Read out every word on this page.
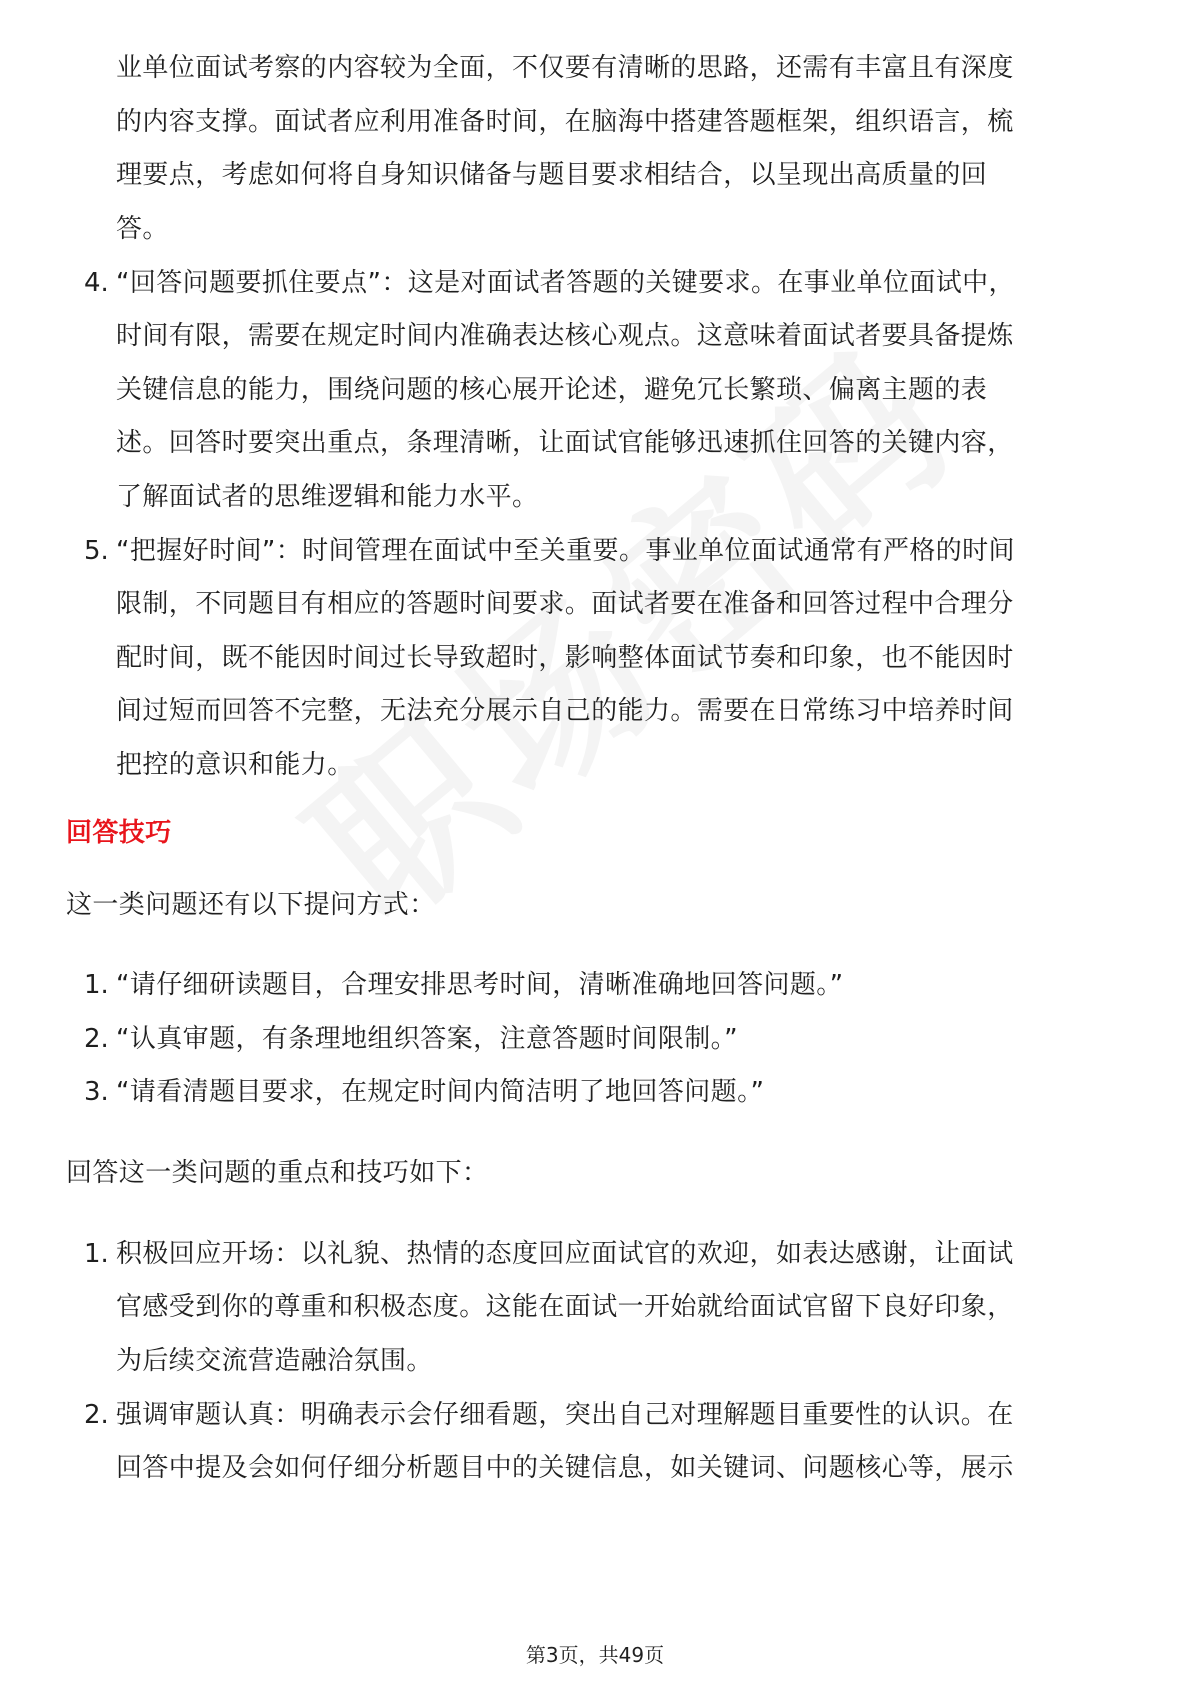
业单位面试考察的内容较为全面，不仅要有清晰的思路，还需有丰富且有深度
的内容支撑。面试者应利用准备时间，在脑海中搭建答题框架，组织语言，梳
理要点，考虑如何将自身知识储备与题目要求相结合，以呈现出高质量的回
答。
4. “回答问题要抓住要点”：这是对面试者答题的关键要求。在事业单位面试中，
时间有限，需要在规定时间内准确表达核心观点。这意味着面试者要具备提炼
关键信息的能力，围绕问题的核心展开论述，避免冗长繁琐、偏离主题的表
述。回答时要突出重点，条理清晰，让面试官能够迅速抓住回答的关键内容，
了解面试者的思维逻辑和能力水平。
5. “把握好时间”：时间管理在面试中至关重要。事业单位面试通常有严格的时间
限制，不同题目有相应的答题时间要求。面试者要在准备和回答过程中合理分
配时间，既不能因时间过长导致超时，影响整体面试节奏和印象，也不能因时
间过短而回答不完整，无法充分展示自己的能力。需要在日常练习中培养时间
把控的意识和能力。
回答技巧
这一类问题还有以下提问方式：
1. “请仔细研读题目，合理安排思考时间，清晰准确地回答问题。”
2. “认真审题，有条理地组织答案，注意答题时间限制。”
3. “请看清题目要求，在规定时间内简洁明了地回答问题。”
回答这一类问题的重点和技巧如下：
1. 积极回应开场：以礼貌、热情的态度回应面试官的欢迎，如表达感谢，让面试
官感受到你的尊重和积极态度。这能在面试一开始就给面试官留下良好印象，
为后续交流营造融洽氛围。
2. 强调审题认真：明确表示会仔细看题，突出自己对理解题目重要性的认识。在
回答中提及会如何仔细分析题目中的关键信息，如关键词、问题核心等，展示
第3页，共49页
